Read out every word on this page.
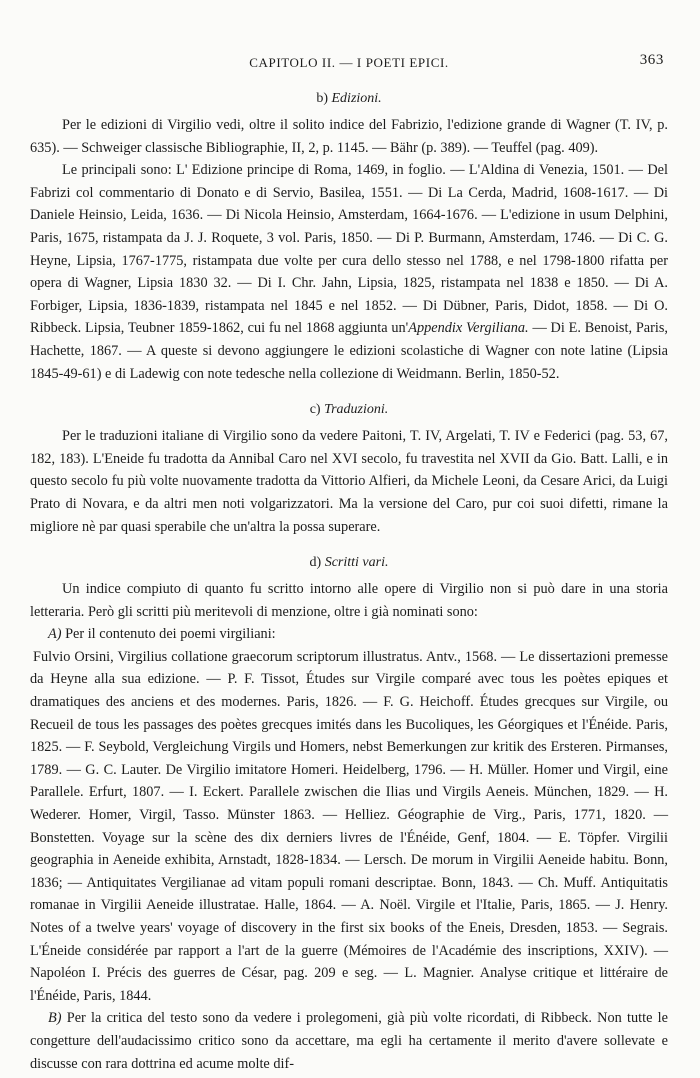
CAPITOLO II. — I POETI EPICI.	363
b) Edizioni.

Per le edizioni di Virgilio vedi, oltre il solito indice del Fabrizio, l'edizione grande di Wagner (T. IV, p. 635). — Schweiger classische Bibliographie, II, 2, p. 1145. — Bähr (p. 389). — Teuffel (pag. 409).

Le principali sono: L' Edizione principe di Roma, 1469, in foglio. — L'Aldina di Venezia, 1501. — Del Fabrizi col commentario di Donato e di Servio, Basilea, 1551. — Di La Cerda, Madrid, 1608-1617. — Di Daniele Heinsio, Leida, 1636. — Di Nicola Heinsio, Amsterdam, 1664-1676. — L'edizione in usum Delphini, Paris, 1675, ristampata da J. J. Roquete, 3 vol. Paris, 1850. — Di P. Burmann, Amsterdam, 1746. — Di C. G. Heyne, Lipsia, 1767-1775, ristampata due volte per cura dello stesso nel 1788, e nel 1798-1800 rifatta per opera di Wagner, Lipsia 1830 32. — Di I. Chr. Jahn, Lipsia, 1825, ristampata nel 1838 e 1850. — Di A. Forbiger, Lipsia, 1836-1839, ristampata nel 1845 e nel 1852. — Di Dübner, Paris, Didot, 1858. — Di O. Ribbeck. Lipsia, Teubner 1859-1862, cui fu nel 1868 aggiunta un'Appendix Vergiliana. — Di E. Benoist, Paris, Hachette, 1867. — A queste si devono aggiungere le edizioni scolastiche di Wagner con note latine (Lipsia 1845-49-61) e di Ladewig con note tedesche nella collezione di Weidmann. Berlin, 1850-52.

c) Traduzioni.

Per le traduzioni italiane di Virgilio sono da vedere Paitoni, T. IV, Argelati, T. IV e Federici (pag. 53, 67, 182, 183). L'Eneide fu tradotta da Annibal Caro nel XVI secolo, fu travestita nel XVII da Gio. Batt. Lalli, e in questo secolo fu più volte nuovamente tradotta da Vittorio Alfieri, da Michele Leoni, da Cesare Arici, da Luigi Prato di Novara, e da altri men noti volgarizzatori. Ma la versione del Caro, pur coi suoi difetti, rimane la migliore nè par quasi sperabile che un'altra la possa superare.

d) Scritti vari.

Un indice compiuto di quanto fu scritto intorno alle opere di Virgilio non si può dare in una storia letteraria. Però gli scritti più meritevoli di menzione, oltre i già nominati sono:

A) Per il contenuto dei poemi virgiliani:

Fulvio Orsini, Virgilius collatione graecorum scriptorum illustratus. Antv., 1568. — Le dissertazioni premesse da Heyne alla sua edizione. — P. F. Tissot, Études sur Virgile comparé avec tous les poètes epiques et dramatiques des anciens et des modernes. Paris, 1826. — F. G. Heichoff. Études grecques sur Virgile, ou Recueil de tous les passages des poètes grecques imités dans les Bucoliques, les Géorgiques et l'Énéide. Paris, 1825. — F. Seybold, Vergleichung Virgils und Homers, nebst Bemerkungen zur kritik des Ersteren. Pirmanses, 1789. — G. C. Lauter. De Virgilio imitatore Homeri. Heidelberg, 1796. — H. Müller. Homer und Virgil, eine Parallele. Erfurt, 1807. — I. Eckert. Parallele zwischen die Ilias und Virgils Aeneis. München, 1829. — H. Wederer. Homer, Virgil, Tasso. Münster 1863. — Helliez. Géographie de Virg., Paris, 1771, 1820. — Bonstetten. Voyage sur la scène des dix derniers livres de l'Énéide, Genf, 1804. — E. Töpfer. Virgilii geographia in Aeneide exhibita, Arnstadt, 1828-1834. — Lersch. De morum in Virgilii Aeneide habitu. Bonn, 1836; — Antiquitates Vergilianae ad vitam populi romani descriptae. Bonn, 1843. — Ch. Muff. Antiquitatis romanae in Virgilii Aeneide illustratae. Halle, 1864. — A. Noël. Virgile et l'Italie, Paris, 1865. — J. Henry. Notes of a twelve years' voyage of discovery in the first six books of the Eneis, Dresden, 1853. — Segrais. L'Éneide considérée par rapport a l'art de la guerre (Mémoires de l'Académie des inscriptions, XXIV). — Napoléon I. Précis des guerres de César, pag. 209 e seg. — L. Magnier. Analyse critique et littéraire de l'Énéide, Paris, 1844.

B) Per la critica del testo sono da vedere i prolegomeni, già più volte ricordati, di Ribbeck. Non tutte le congetture dell'audacissimo critico sono da accettare, ma egli ha certamente il merito d'avere sollevate e discusse con rara dottrina ed acume molte dif-
